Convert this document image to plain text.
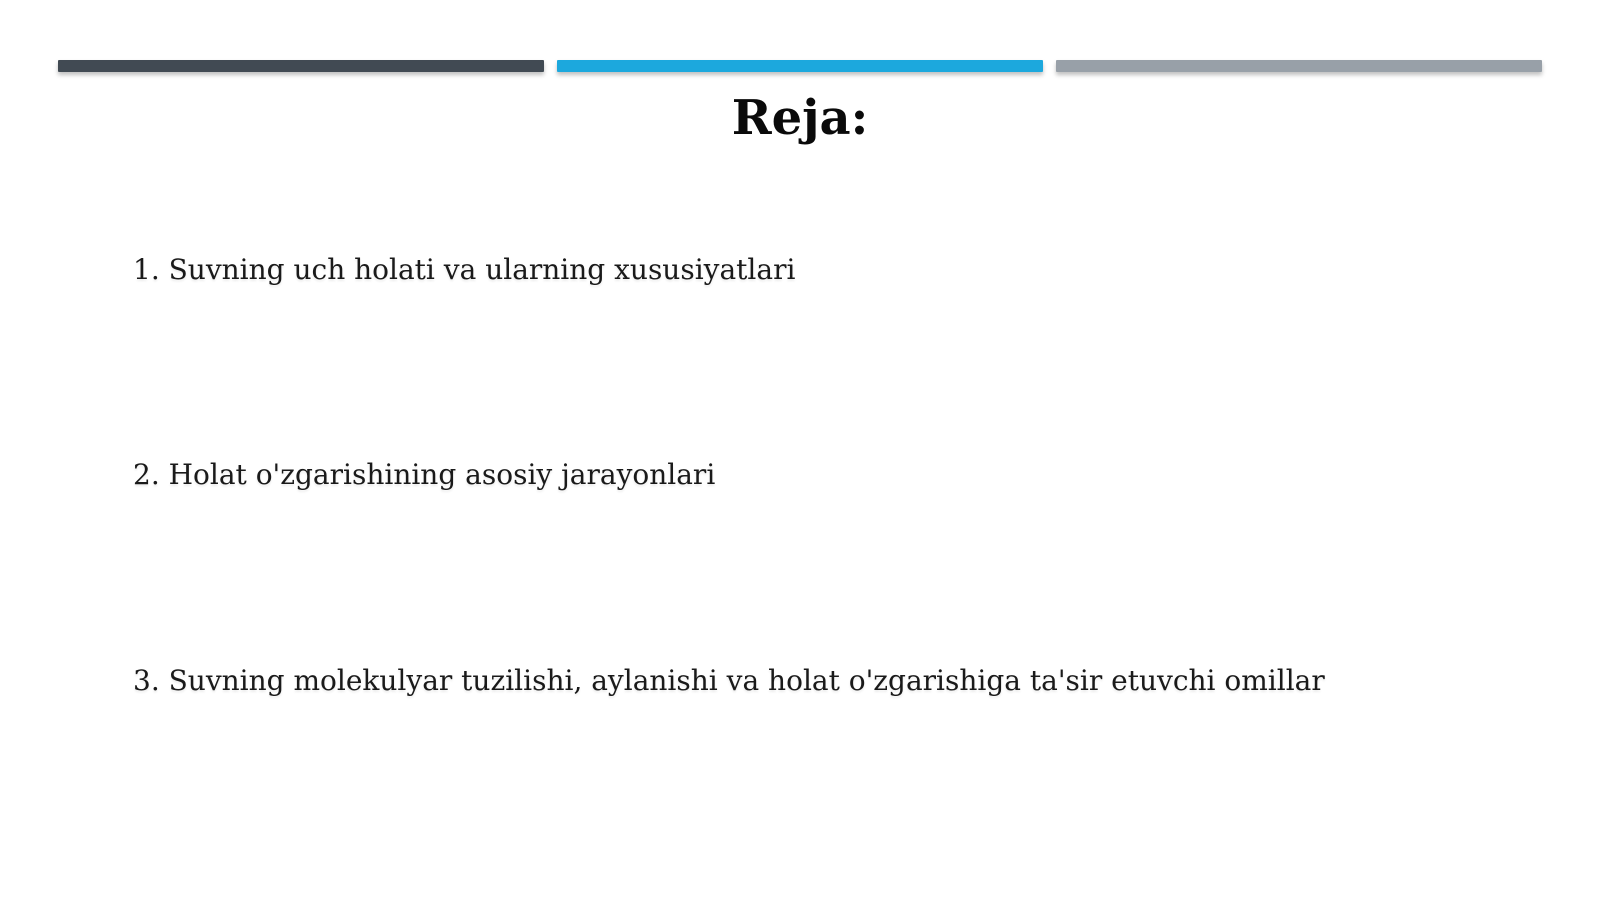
Reja:
1. Suvning uch holati va ularning xususiyatlari
2. Holat o'zgarishining asosiy jarayonlari
3. Suvning molekulyar tuzilishi, aylanishi va holat o'zgarishiga ta'sir etuvchi omillar
